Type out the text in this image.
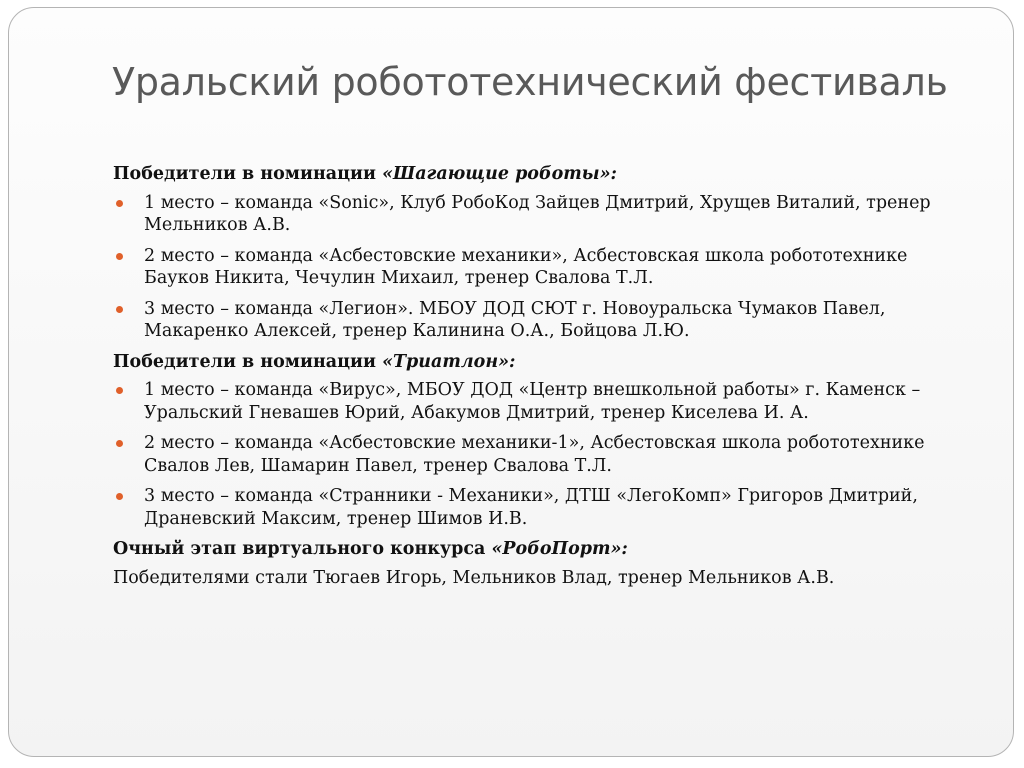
Уральский робототехнический фестиваль
Победители в номинации «Шагающие роботы»:
1 место – команда «Sonic», Клуб РобоКод Зайцев Дмитрий, Хрущев Виталий, тренер Мельников А.В.
2 место – команда «Асбестовские механики», Асбестовская школа робототехнике Бауков Никита, Чечулин Михаил, тренер Свалова Т.Л.
3 место – команда «Легион». МБОУ ДОД СЮТ г. Новоуральска Чумаков Павел, Макаренко Алексей, тренер Калинина О.А., Бойцова Л.Ю.
Победители в номинации «Триатлон»:
1 место – команда «Вирус», МБОУ ДОД «Центр внешкольной работы» г. Каменск – Уральский Гневашев Юрий, Абакумов Дмитрий, тренер Киселева И. А.
2 место – команда «Асбестовские механики-1», Асбестовская школа робототехнике Свалов Лев, Шамарин Павел, тренер Свалова Т.Л.
3 место – команда «Странники - Механики», ДТШ «ЛегоКомп» Григоров Дмитрий, Драневский Максим, тренер Шимов И.В.
Очный этап виртуального конкурса «РобоПорт»:
Победителями стали Тюгаев Игорь, Мельников Влад, тренер Мельников А.В.
